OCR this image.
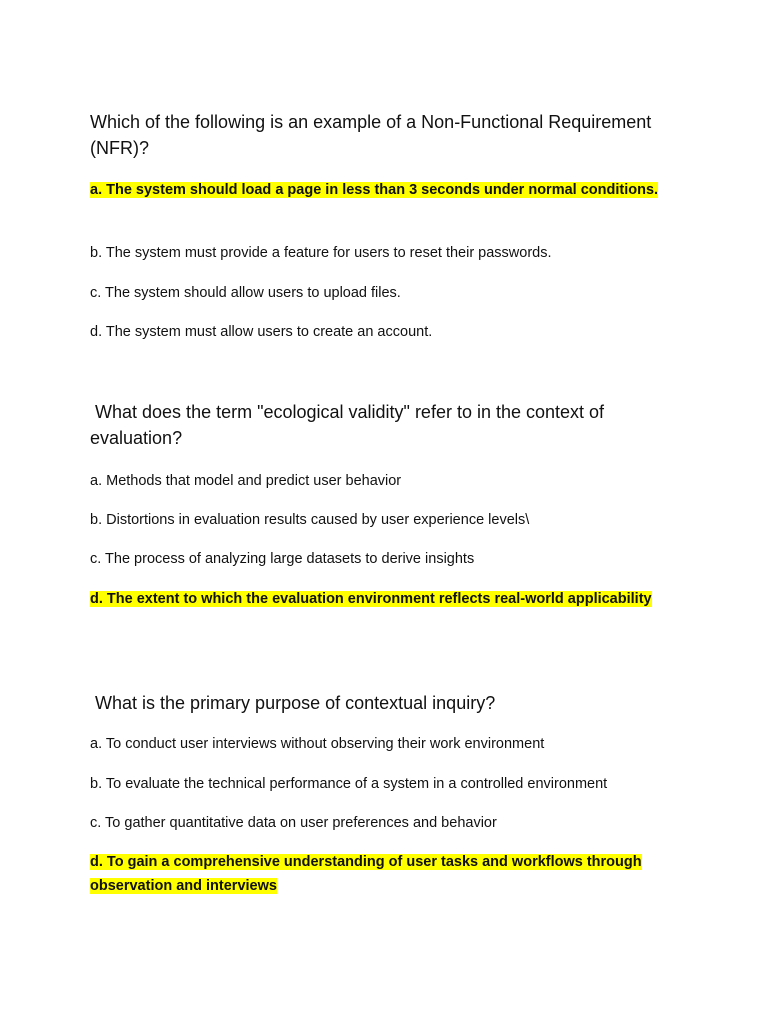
Which of the following is an example of a Non-Functional Requirement (NFR)?
a. The system should load a page in less than 3 seconds under normal conditions.
b. The system must provide a feature for users to reset their passwords.
c. The system should allow users to upload files.
d. The system must allow users to create an account.
What does the term "ecological validity" refer to in the context of evaluation?
a. Methods that model and predict user behavior
b. Distortions in evaluation results caused by user experience levels\
c. The process of analyzing large datasets to derive insights
d. The extent to which the evaluation environment reflects real-world applicability
What is the primary purpose of contextual inquiry?
a. To conduct user interviews without observing their work environment
b. To evaluate the technical performance of a system in a controlled environment
c. To gather quantitative data on user preferences and behavior
d. To gain a comprehensive understanding of user tasks and workflows through observation and interviews
